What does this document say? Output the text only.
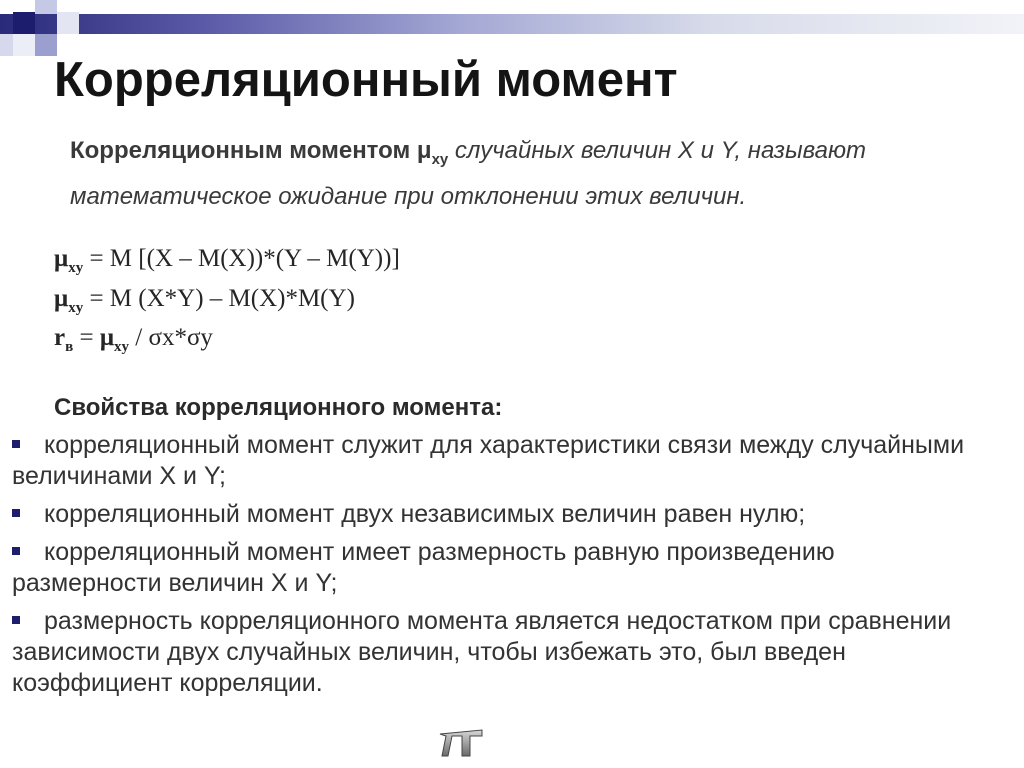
Корреляционный момент
Корреляционным моментом $\mu_{xy}$ случайных величин X и Y, называют математическое ожидание при отклонении этих величин.
$\mu_{xy} = M$ [(X – M(X))*(Y – M(Y))]
$\mu_{xy} = M$ (X*Y) – M(X)*M(Y)
$r_в = \mu_{xy} / \sigma x*\sigma y$
Свойства корреляционного момента:
корреляционный момент служит для характеристики связи между случайными величинами X и Y;
корреляционный момент двух независимых величин равен нулю;
корреляционный момент имеет размерность равную произведению размерности величин X и Y;
размерность корреляционного момента является недостатком при сравнении зависимости двух случайных величин, чтобы избежать это, был введен коэффициент корреляции.
